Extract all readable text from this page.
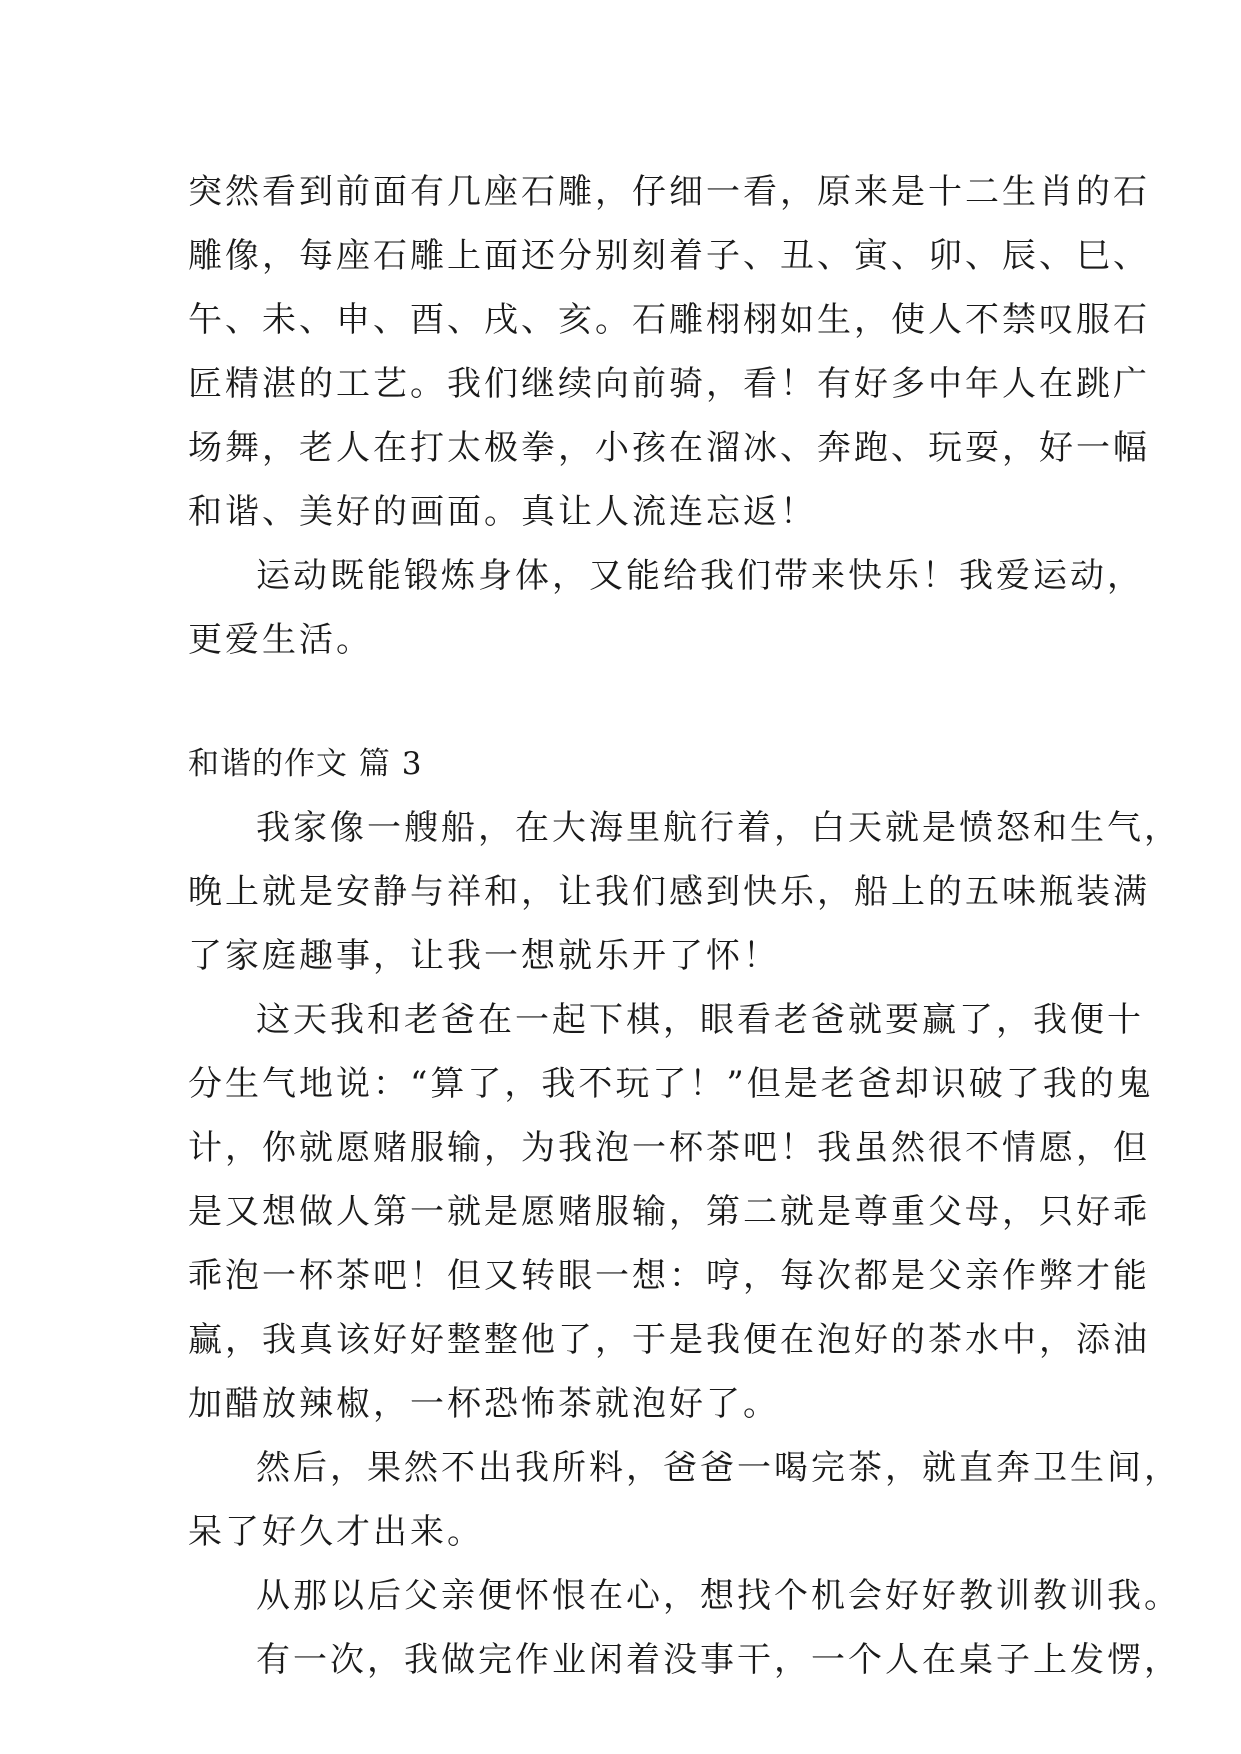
突然看到前面有几座石雕，仔细一看，原来是十二生肖的石
雕像，每座石雕上面还分别刻着子、丑、寅、卯、辰、巳、
午、未、申、酉、戌、亥。石雕栩栩如生，使人不禁叹服石
匠精湛的工艺。我们继续向前骑，看！有好多中年人在跳广
场舞，老人在打太极拳，小孩在溜冰、奔跑、玩耍，好一幅
和谐、美好的画面。真让人流连忘返！
运动既能锻炼身体，又能给我们带来快乐！我爱运动，
更爱生活。
和谐的作文 篇 3
我家像一艘船，在大海里航行着，白天就是愤怒和生气，
晚上就是安静与祥和，让我们感到快乐，船上的五味瓶装满
了家庭趣事，让我一想就乐开了怀！
这天我和老爸在一起下棋，眼看老爸就要赢了，我便十
分生气地说：“算了，我不玩了！”但是老爸却识破了我的鬼
计，你就愿赌服输，为我泡一杯茶吧！我虽然很不情愿，但
是又想做人第一就是愿赌服输，第二就是尊重父母，只好乖
乖泡一杯茶吧！但又转眼一想：哼，每次都是父亲作弊才能
赢，我真该好好整整他了，于是我便在泡好的茶水中，添油
加醋放辣椒，一杯恐怖茶就泡好了。
然后，果然不出我所料，爸爸一喝完茶，就直奔卫生间，
呆了好久才出来。
从那以后父亲便怀恨在心，想找个机会好好教训教训我。
有一次，我做完作业闲着没事干，一个人在桌子上发愣，
